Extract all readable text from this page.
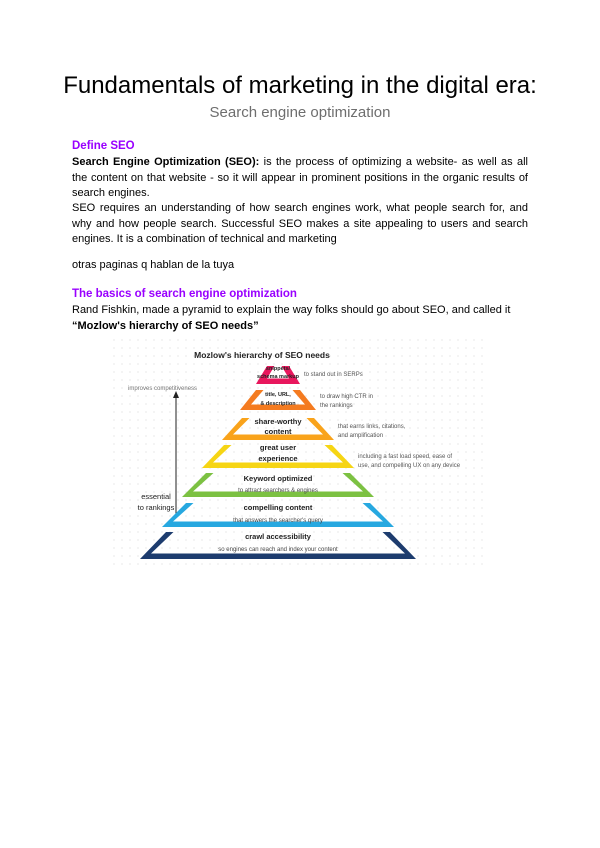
Fundamentals of marketing in the digital era:
Search engine optimization
Define SEO
Search Engine Optimization (SEO): is the process of optimizing a website- as well as all the content on that website - so it will appear in prominent positions in the organic results of search engines.
SEO requires an understanding of how search engines work, what people search for, and why and how people search. Successful SEO makes a site appealing to users and search engines. It is a combination of technical and marketing
otras paginas q hablan de la tuya
The basics of search engine optimization
Rand Fishkin, made a pyramid to explain the way folks should go about SEO, and called it
“Mozlow's hierarchy of SEO needs”
Mozlow's hierarchy of SEO needs
improves competitiveness
essential
to rankings
snippets/
schema markup to stand out in SERPs
title, URL,
& description
to draw high CTR in
the rankings
share-worthy
content	that earns links, citations,
and amplification
great user
experience	including a fast load speed, ease of
use, and compelling UX on any device
Keyword optimized
to attract searchers & engines
compelling content
that answers the searcher's query
crawl accessibility
so engines can reach and index your content
